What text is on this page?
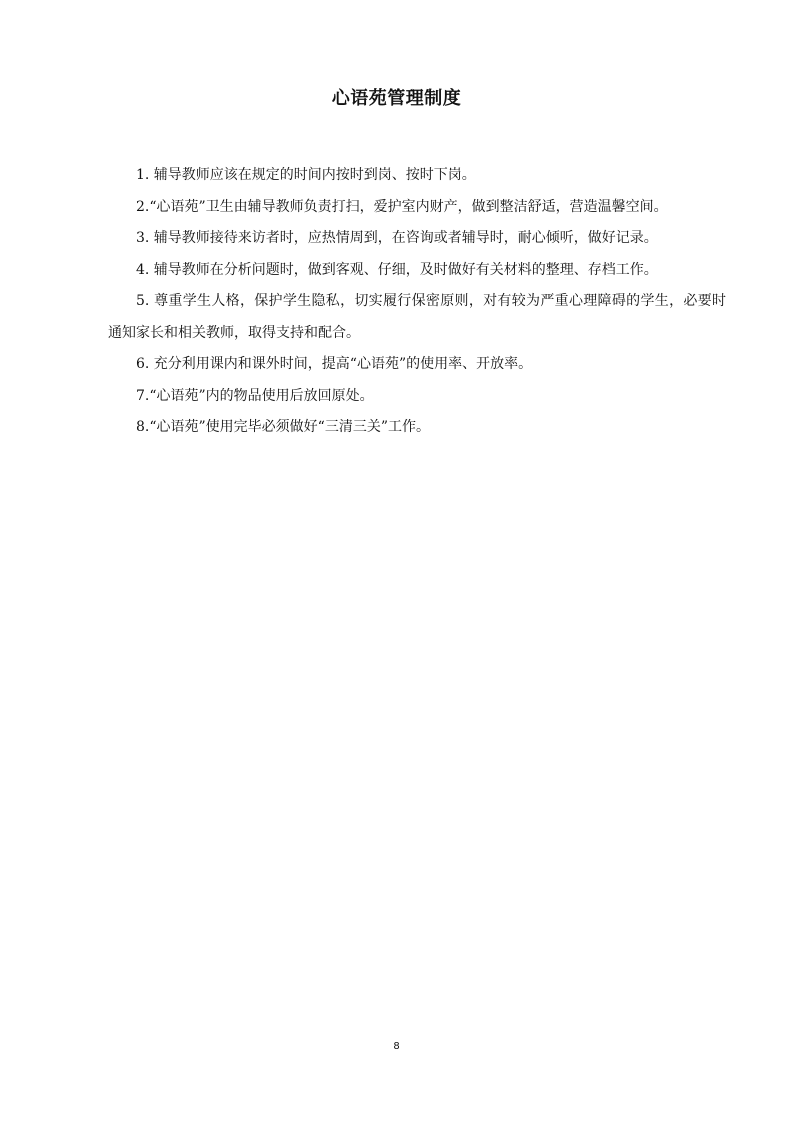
心语苑管理制度
1. 辅导教师应该在规定的时间内按时到岗、按时下岗。
2.“心语苑”卫生由辅导教师负责打扫，爱护室内财产，做到整洁舒适，营造温馨空间。
3. 辅导教师接待来访者时，应热情周到，在咨询或者辅导时，耐心倾听，做好记录。
4. 辅导教师在分析问题时，做到客观、仔细，及时做好有关材料的整理、存档工作。
5. 尊重学生人格，保护学生隐私，切实履行保密原则，对有较为严重心理障碍的学生，必要时通知家长和相关教师，取得支持和配合。
6. 充分利用课内和课外时间，提高“心语苑”的使用率、开放率。
7.“心语苑”内的物品使用后放回原处。
8.“心语苑”使用完毕必须做好“三清三关”工作。
8
